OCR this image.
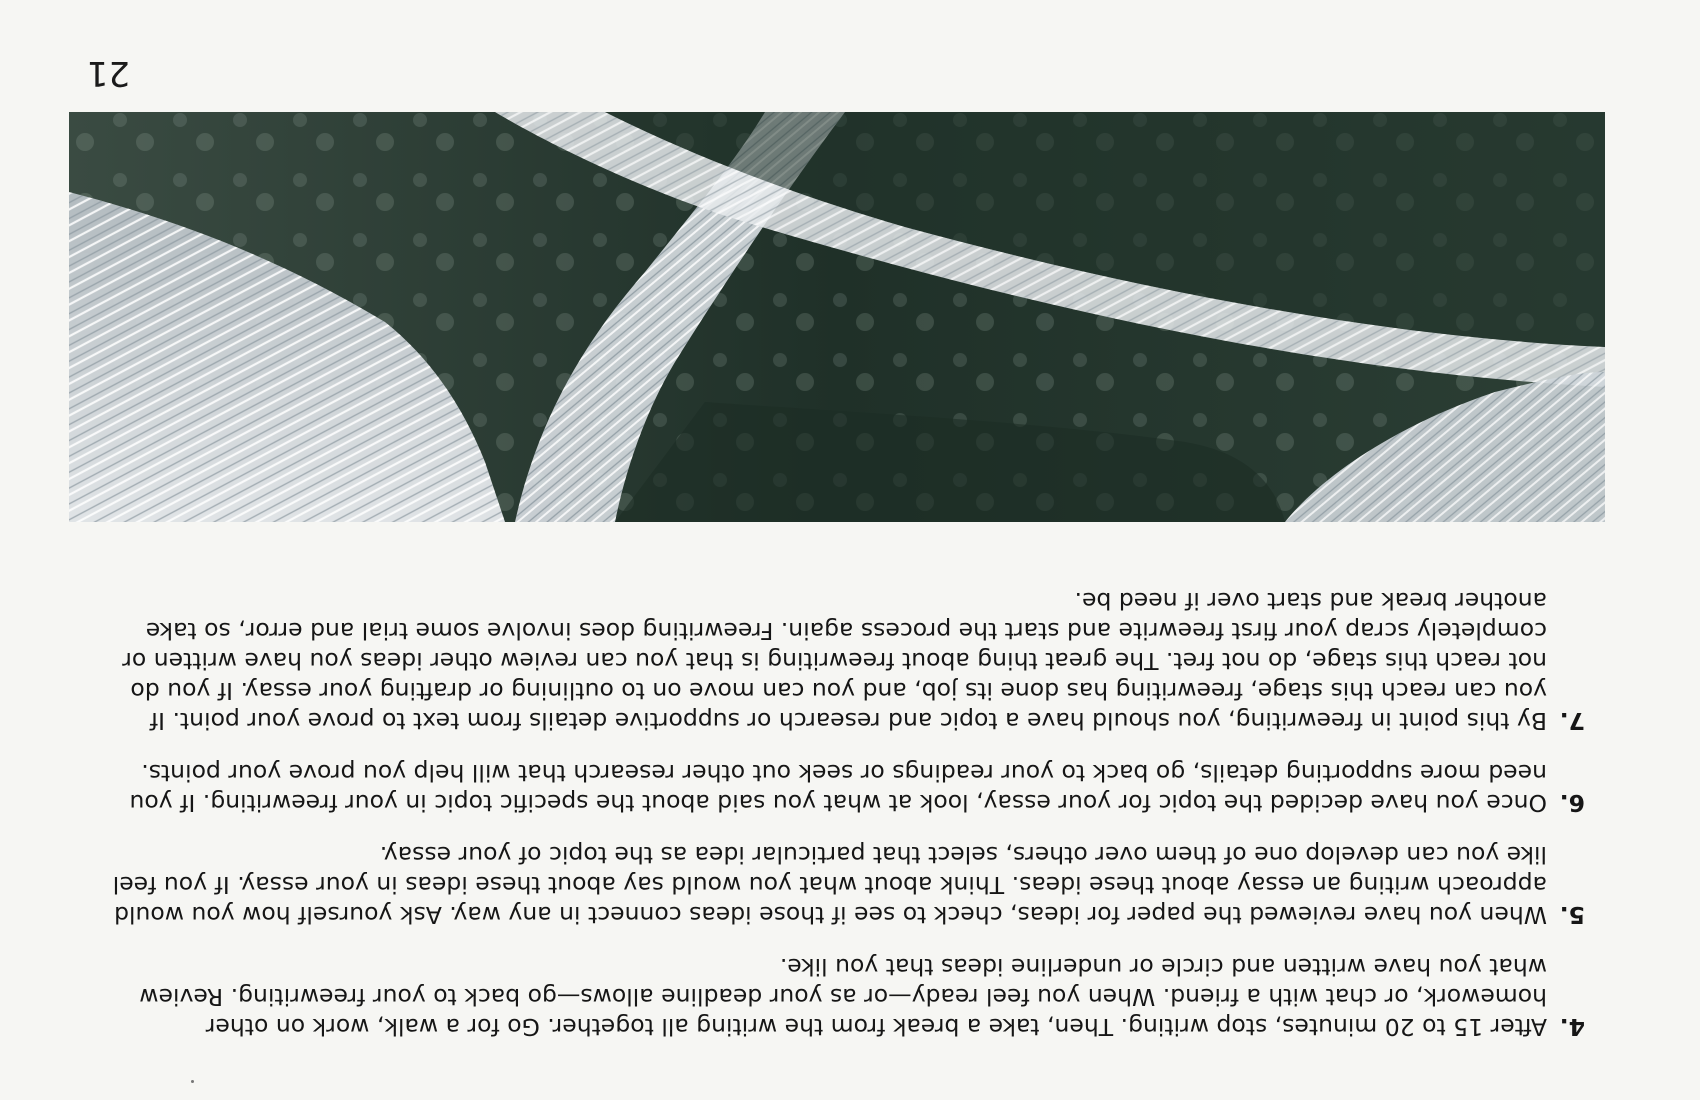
4.
After 15 to 20 minutes, stop writing. Then, take a break from the writing all together. Go for a walk, work on other homework, or chat with a friend. When you feel ready—or as your deadline allows—go back to your freewriting. Review what you have written and circle or underline ideas that you like.
5.
When you have reviewed the paper for ideas, check to see if those ideas connect in any way. Ask yourself how you would approach writing an essay about these ideas. Think about what you would say about these ideas in your essay. If you feel like you can develop one of them over others, select that particular idea as the topic of your essay.
6.
Once you have decided the topic for your essay, look at what you said about the specific topic in your freewriting. If you need more supporting details, go back to your readings or seek out other research that will help you prove your points.
7.
By this point in freewriting, you should have a topic and research or supportive details from text to prove your point. If you can reach this stage, freewriting has done its job, and you can move on to outlining or drafting your essay. If you do not reach this stage, do not fret. The great thing about freewriting is that you can review other ideas you have written or completely scrap your first freewrite and start the process again. Freewriting does involve some trial and error, so take another break and start over if need be.
21
